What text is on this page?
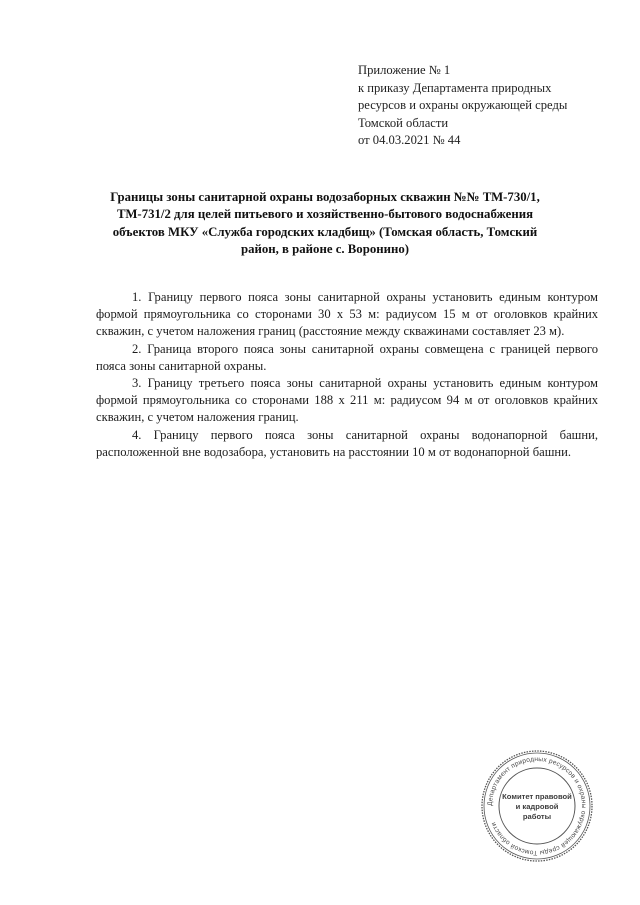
Приложение № 1
к приказу Департамента природных
ресурсов и охраны окружающей среды
Томской области
от 04.03.2021 № 44
Границы зоны санитарной охраны водозаборных скважин №№ ТМ-730/1,
ТМ-731/2 для целей питьевого и хозяйственно-бытового водоснабжения
объектов МКУ «Служба городских кладбищ» (Томская область, Томский
район, в районе с. Воронино)

1. Границу первого пояса зоны санитарной охраны установить единым контуром формой прямоугольника со сторонами 30 х 53 м: радиусом 15 м от оголовков крайних скважин, с учетом наложения границ (расстояние между скважинами составляет 23 м).

2. Граница второго пояса зоны санитарной охраны совмещена с границей первого пояса зоны санитарной охраны.

3. Границу третьего пояса зоны санитарной охраны установить единым контуром формой прямоугольника со сторонами 188 х 211 м: радиусом 94 м от оголовков крайних скважин, с учетом наложения границ.

4. Границу первого пояса зоны санитарной охраны водонапорной башни, расположенной вне водозабора, установить на расстоянии 10 м от водонапорной башни.

Департамент природных ресурсов и охраны окружающей среды Томской области
Комитет правовой
и кадровой
работы
